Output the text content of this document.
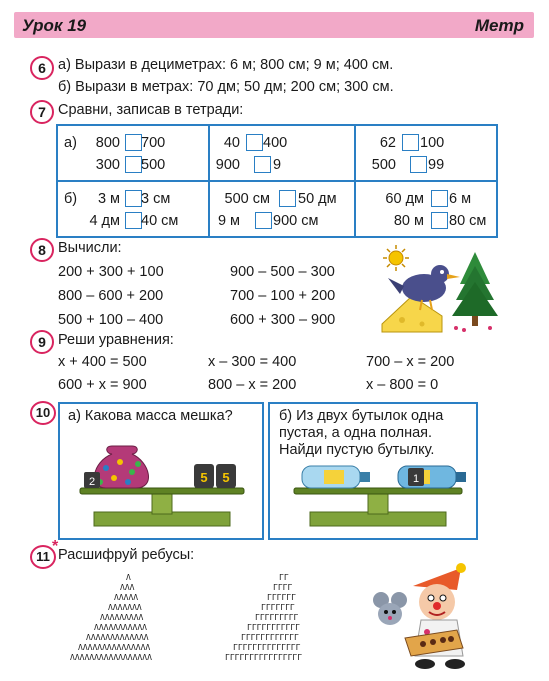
Урок 19	Метр
6 а) Вырази в дециметрах: 6 м; 800 см; 9 м; 400 см.
б) Вырази в метрах: 70 дм; 50 дм; 200 см; 300 см.
7 Сравни, записав в тетради:
а)
б)
800 700	40 400	62 100
300 500	900 9	500 99
3 м 3 см	500 см 50 дм	60 дм 6 м
4 дм 40 см	9 м 900 см	80 м 80 см
8 Вычисли:
200 + 300 + 100
800 – 600 + 200
500 + 100 – 400
900 – 500 – 300
700 – 100 + 200
600 + 300 – 900
9 Реши уравнения:
x + 400 = 500	x – 300 = 400	700 – x = 200
600 + x = 900	800 – x = 200	x – 800 = 0
10	а) Какова масса мешка?	б) Из двух бутылок одна
пустая, а одна полная.
Найди пустую бутылку.
2	5 5	1
11
* Расшифруй ребусы:
Λ
ΛΛΛ
ΛΛΛΛΛ
ΛΛΛΛΛΛΛ
ΛΛΛΛΛΛΛΛΛ
ΛΛΛΛΛΛΛΛΛΛΛ
ΛΛΛΛΛΛΛΛΛΛΛΛΛ
ΛΛΛΛΛΛΛΛΛΛΛΛΛΛΛ
ΛΛΛΛΛΛΛΛΛΛΛΛΛΛΛΛΛ
ΓΓ
ΓΓΓΓ
ΓΓΓΓΓΓ
ΓΓΓΓΓΓΓ
ΓΓΓΓΓΓΓΓΓ
ΓΓΓΓΓΓΓΓΓΓΓ
ΓΓΓΓΓΓΓΓΓΓΓΓ
ΓΓΓΓΓΓΓΓΓΓΓΓΓΓ
ΓΓΓΓΓΓΓΓΓΓΓΓΓΓΓΓ
